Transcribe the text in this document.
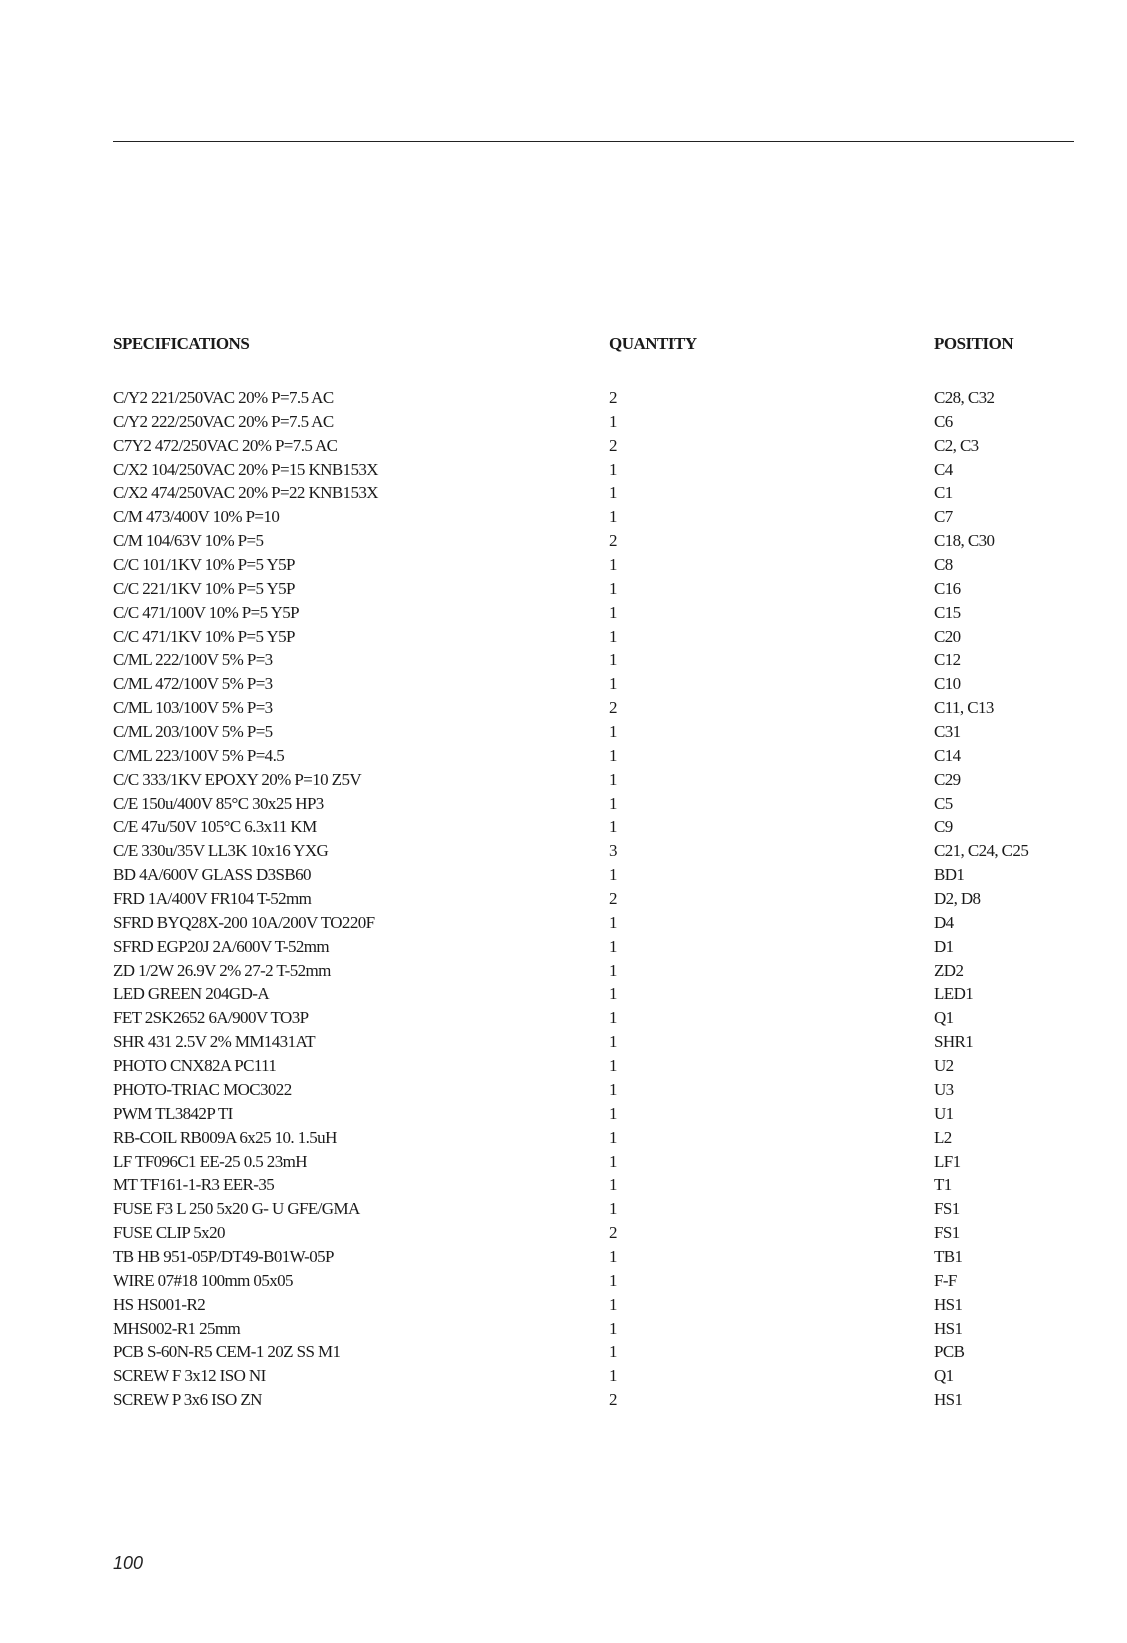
SPECIFICATIONS	QUANTITY	POSITION
C/Y2 221/250VAC 20% P=7.5 AC	2	C28, C32
C/Y2 222/250VAC 20% P=7.5 AC	1	C6
C7Y2 472/250VAC 20% P=7.5 AC	2	C2, C3
C/X2 104/250VAC 20% P=15 KNB153X	1	C4
C/X2 474/250VAC 20% P=22 KNB153X	1	C1
C/M 473/400V 10% P=10	1	C7
C/M 104/63V 10% P=5	2	C18, C30
C/C 101/1KV 10% P=5 Y5P	1	C8
C/C 221/1KV 10% P=5 Y5P	1	C16
C/C 471/100V 10% P=5 Y5P	1	C15
C/C 471/1KV 10% P=5 Y5P	1	C20
C/ML 222/100V 5% P=3	1	C12
C/ML 472/100V 5% P=3	1	C10
C/ML 103/100V 5% P=3	2	C11, C13
C/ML 203/100V 5% P=5	1	C31
C/ML 223/100V 5% P=4.5	1	C14
C/C 333/1KV EPOXY 20% P=10 Z5V	1	C29
C/E 150u/400V 85°C 30x25 HP3	1	C5
C/E 47u/50V 105°C 6.3x11 KM	1	C9
C/E 330u/35V LL3K 10x16 YXG	3	C21, C24, C25
BD 4A/600V GLASS D3SB60	1	BD1
FRD 1A/400V FR104 T-52mm	2	D2, D8
SFRD BYQ28X-200 10A/200V TO220F	1	D4
SFRD EGP20J 2A/600V T-52mm	1	D1
ZD 1/2W 26.9V 2% 27-2 T-52mm	1	ZD2
LED GREEN 204GD-A	1	LED1
FET 2SK2652 6A/900V TO3P	1	Q1
SHR 431 2.5V 2% MM1431AT	1	SHR1
PHOTO CNX82A PC111	1	U2
PHOTO-TRIAC MOC3022	1	U3
PWM TL3842P TI	1	U1
RB-COIL RB009A 6x25 10. 1.5uH	1	L2
LF TF096C1 EE-25 0.5 23mH	1	LF1
MT TF161-1-R3 EER-35	1	T1
FUSE F3 L 250 5x20 G- U GFE/GMA	1	FS1
FUSE CLIP 5x20	2	FS1
TB HB 951-05P/DT49-B01W-05P	1	TB1
WIRE 07#18 100mm 05x05	1	F-F
HS HS001-R2	1	HS1
MHS002-R1 25mm	1	HS1
PCB S-60N-R5 CEM-1 20Z SS M1	1	PCB
SCREW F 3x12 ISO NI	1	Q1
SCREW P 3x6 ISO ZN	2	HS1
100
